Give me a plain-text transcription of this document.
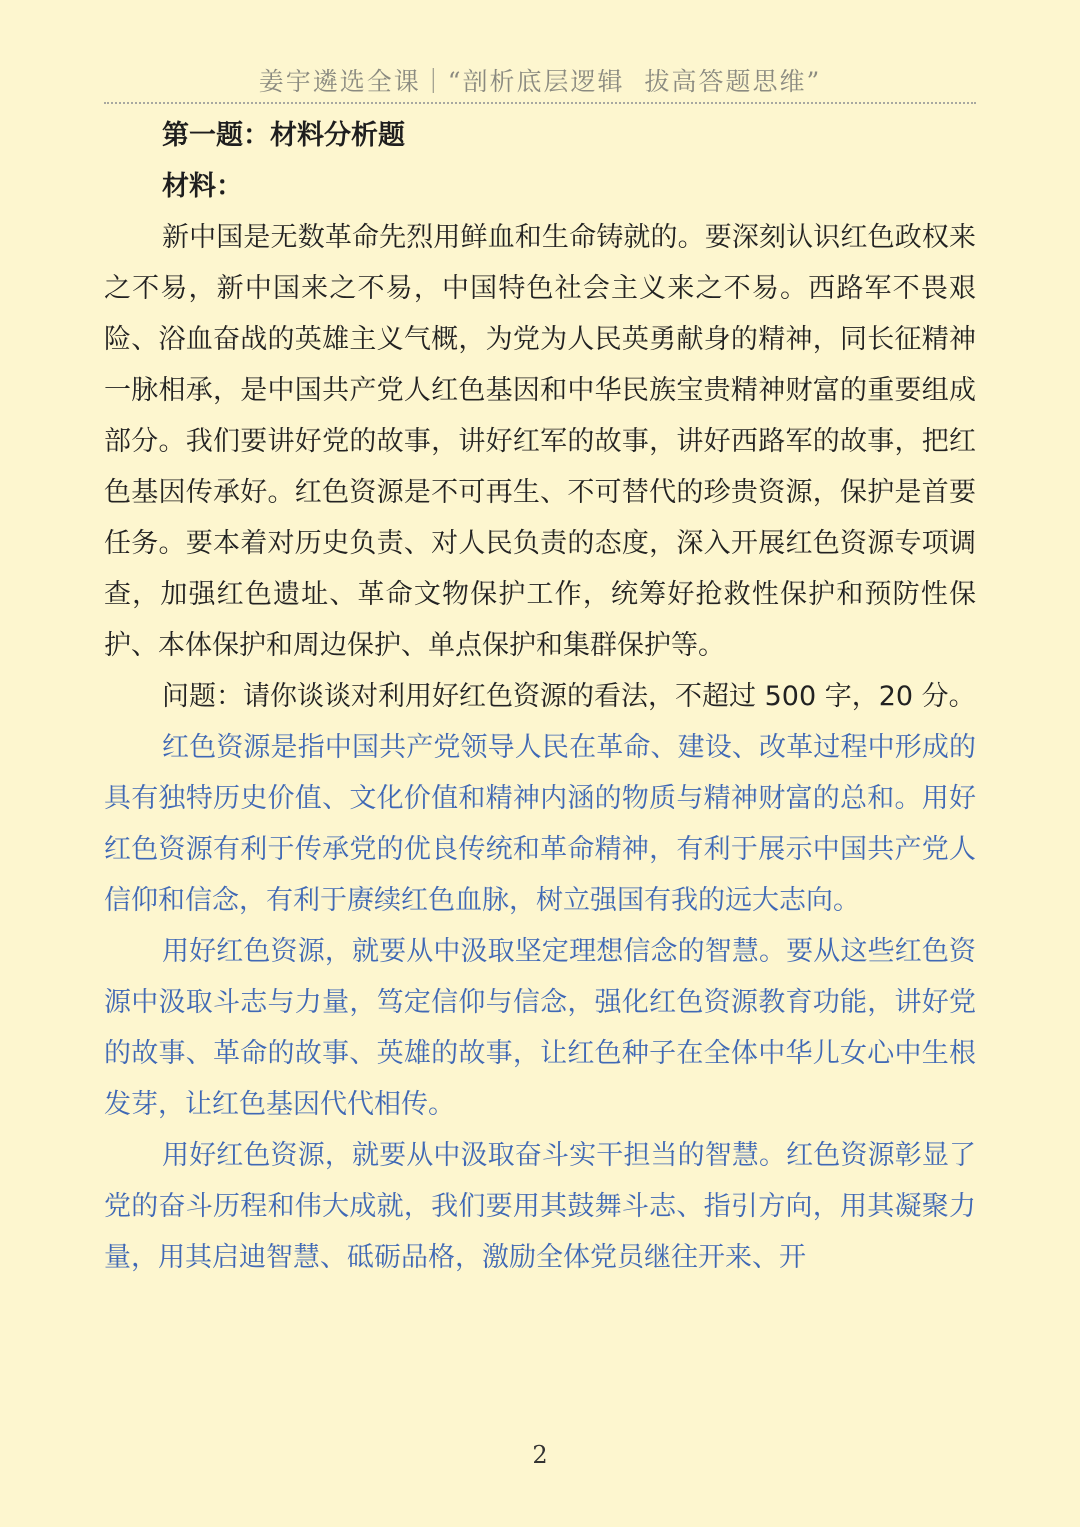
姜宇遴选全课｜“剖析底层逻辑  拔高答题思维”

第一题：材料分析题

材料：

新中国是无数革命先烈用鲜血和生命铸就的。要深刻认识红色政权来之不易，新中国来之不易，中国特色社会主义来之不易。西路军不畏艰险、浴血奋战的英雄主义气概，为党为人民英勇献身的精神，同长征精神一脉相承，是中国共产党人红色基因和中华民族宝贵精神财富的重要组成部分。我们要讲好党的故事，讲好红军的故事，讲好西路军的故事，把红色基因传承好。红色资源是不可再生、不可替代的珍贵资源，保护是首要任务。要本着对历史负责、对人民负责的态度，深入开展红色资源专项调查，加强红色遗址、革命文物保护工作，统筹好抢救性保护和预防性保护、本体保护和周边保护、单点保护和集群保护等。

问题：请你谈谈对利用好红色资源的看法，不超过 500 字，20 分。

红色资源是指中国共产党领导人民在革命、建设、改革过程中形成的具有独特历史价值、文化价值和精神内涵的物质与精神财富的总和。用好红色资源有利于传承党的优良传统和革命精神，有利于展示中国共产党人信仰和信念，有利于赓续红色血脉，树立强国有我的远大志向。

用好红色资源，就要从中汲取坚定理想信念的智慧。要从这些红色资源中汲取斗志与力量，笃定信仰与信念，强化红色资源教育功能，讲好党的故事、革命的故事、英雄的故事，让红色种子在全体中华儿女心中生根发芽，让红色基因代代相传。

用好红色资源，就要从中汲取奋斗实干担当的智慧。红色资源彰显了党的奋斗历程和伟大成就，我们要用其鼓舞斗志、指引方向，用其凝聚力量，用其启迪智慧、砥砺品格，激励全体党员继往开来、开

2
